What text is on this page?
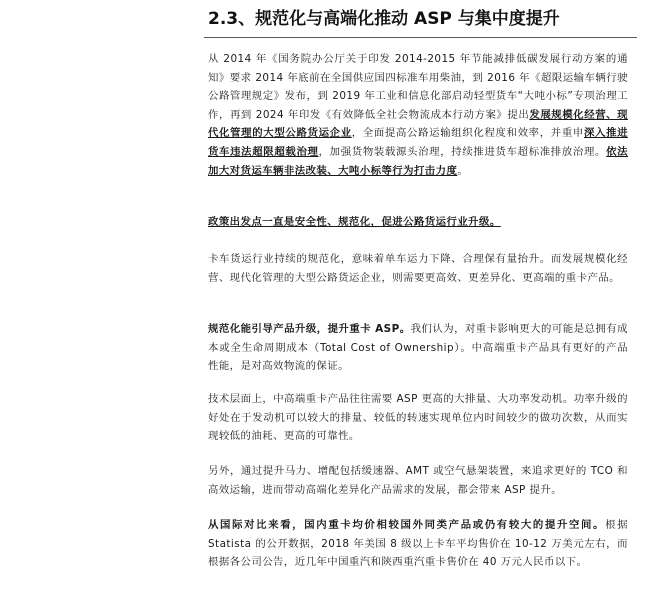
2.3、规范化与高端化推动 ASP 与集中度提升

从 2014 年《国务院办公厅关于印发 2014-2015 年节能减排低碳发展行动方案的通知》要求 2014 年底前在全国供应国四标准车用柴油，到 2016 年《超限运输车辆行驶公路管理规定》发布，到 2019 年工业和信息化部启动轻型货车“大吨小标”专项治理工作，再到 2024 年印发《有效降低全社会物流成本行动方案》提出发展规模化经营、现代化管理的大型公路货运企业，全面提高公路运输组织化程度和效率，并重申深入推进货车违法超限超载治理，加强货物装载源头治理，持续推进货车超标准排放治理。依法加大对货运车辆非法改装、大吨小标等行为打击力度。

政策出发点一直是安全性、规范化，促进公路货运行业升级。

卡车货运行业持续的规范化，意味着单车运力下降、合理保有量抬升。而发展规模化经营、现代化管理的大型公路货运企业，则需要更高效、更差异化、更高端的重卡产品。

规范化能引导产品升级，提升重卡 ASP。我们认为，对重卡影响更大的可能是总拥有成本或全生命周期成本（Total Cost of Ownership）。中高端重卡产品具有更好的产品性能，是对高效物流的保证。

技术层面上，中高端重卡产品往往需要 ASP 更高的大排量、大功率发动机。功率升级的好处在于发动机可以较大的排量、较低的转速实现单位内时间较少的做功次数，从而实现较低的油耗、更高的可靠性。

另外，通过提升马力、增配包括缓速器、AMT 或空气悬架装置，来追求更好的 TCO 和高效运输，进而带动高端化差异化产品需求的发展，都会带来 ASP 提升。

从国际对比来看，国内重卡均价相较国外同类产品或仍有较大的提升空间。根据 Statista 的公开数据，2018 年美国 8 级以上卡车平均售价在 10-12 万美元左右，而根据各公司公告，近几年中国重汽和陕西重汽重卡售价在 40 万元人民币以下。
